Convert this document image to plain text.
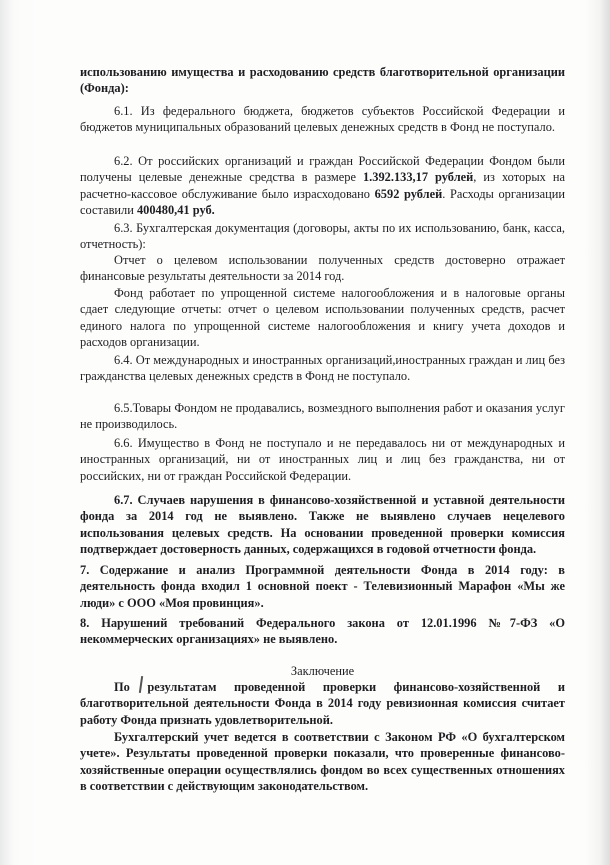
использованию имущества и расходованию средств благотворительной организации (Фонда):

6.1. Из федерального бюджета, бюджетов субъектов Российской Федерации и бюджетов муниципальных образований целевых денежных средств в Фонд не поступало.

6.2. От российских организаций и граждан Российской Федерации Фондом были получены целевые денежные средства в размере 1.392.133,17 рублей, из хоторых на расчетно-кассовое обслуживание было израсходовано 6592 рублей. Расходы организации составили 400480,41 руб.

6.3. Бухгалтерская документация (договоры, акты по их использованию, банк, касса, отчетность):

Отчет о целевом использовании полученных средств достоверно отражает финансовые результаты деятельности за 2014 год.

Фонд работает по упрощенной системе налогообложения и в налоговые органы сдает следующие отчеты: отчет о целевом использовании полученных средств, расчет единого налога по упрощенной системе налогообложения и книгу учета доходов и расходов организации.

6.4. От международных и иностранных организаций,иностранных граждан и лиц без гражданства целевых денежных средств в Фонд не поступало.

6.5.Товары Фондом не продавались, возмездного выполнения работ и оказания услуг не производилось.

6.6. Имущество в Фонд не поступало и не передавалось ни от международных и иностранных организаций, ни от иностранных лиц и лиц без гражданства, ни от российских, ни от граждан Российской Федерации.

6.7. Случаев нарушения в финансово-хозяйственной и уставной деятельности фонда за 2014 год не выявлено. Также не выявлено случаев нецелевого использования целевых средств. На основании проведенной проверки комиссия подтверждает достоверность данных, содержащихся в годовой отчетности фонда.

7. Содержание и анализ Программной деятельности Фонда в 2014 году: в деятельность фонда входил 1 основной поект - Телевизионный Марафон «Мы же люди» с ООО «Моя провинция».

8. Нарушений требований Федерального закона от 12.01.1996 №7-ФЗ «О некоммерческих организациях» не выявлено.

Заключение

По результатам проведенной проверки финансово-хозяйственной и благотворительной деятельности Фонда в 2014 году ревизионная комиссия считает работу Фонда признать удовлетворительной.

Бухгалтерский учет ведется в соответствии с Законом РФ «О бухгалтерском учете». Результаты проведенной проверки показали, что проверенные финансово-хозяйственные операции осуществлялись фондом во всех существенных отношениях в соответствии с действующим законодательством.
